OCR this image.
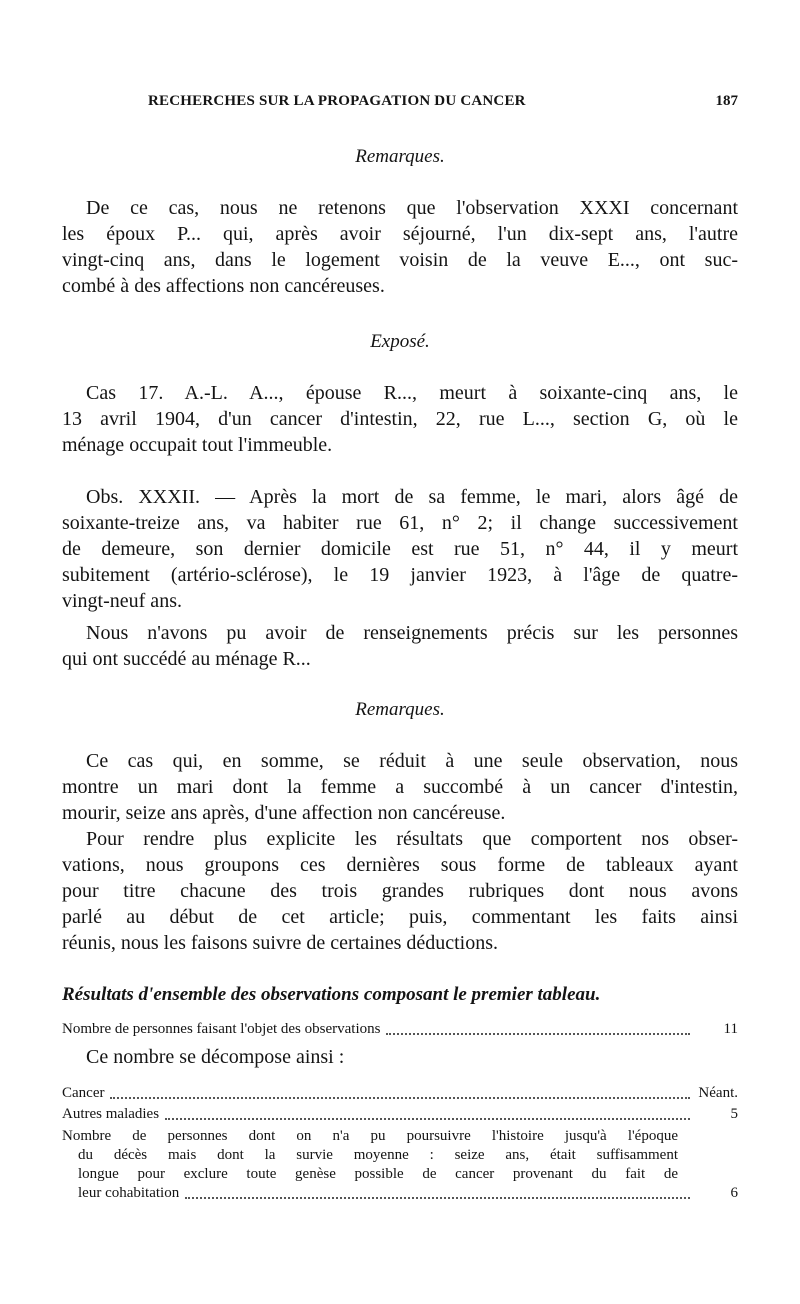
RECHERCHES SUR LA PROPAGATION DU CANCER	187
Remarques.
De ce cas, nous ne retenons que l'observation XXXI concernant
les époux P... qui, après avoir séjourné, l'un dix-sept ans, l'autre
vingt-cinq ans, dans le logement voisin de la veuve E..., ont suc-
combé à des affections non cancéreuses.
Exposé.
Cas 17. A.-L. A..., épouse R..., meurt à soixante-cinq ans, le
13 avril 1904, d'un cancer d'intestin, 22, rue L..., section G, où le
ménage occupait tout l'immeuble.
Obs. XXXII. — Après la mort de sa femme, le mari, alors âgé de
soixante-treize ans, va habiter rue 61, n° 2; il change successivement
de demeure, son dernier domicile est rue 51, n° 44, il y meurt
subitement (artério-sclérose), le 19 janvier 1923, à l'âge de quatre-
vingt-neuf ans.
Nous n'avons pu avoir de renseignements précis sur les personnes
qui ont succédé au ménage R...
Remarques.
Ce cas qui, en somme, se réduit à une seule observation, nous
montre un mari dont la femme a succombé à un cancer d'intestin,
mourir, seize ans après, d'une affection non cancéreuse.
Pour rendre plus explicite les résultats que comportent nos obser-
vations, nous groupons ces dernières sous forme de tableaux ayant
pour titre chacune des trois grandes rubriques dont nous avons
parlé au début de cet article; puis, commentant les faits ainsi
réunis, nous les faisons suivre de certaines déductions.
Résultats d'ensemble des observations composant le premier tableau.
Nombre de personnes faisant l'objet des observations	11
Ce nombre se décompose ainsi :
Cancer	Néant.
Autres maladies	5
Nombre de personnes dont on n'a pu poursuivre l'histoire jusqu'à l'époque
du décès mais dont la survie moyenne : seize ans, était suffisamment
longue pour exclure toute genèse possible de cancer provenant du fait de
leur cohabitation	6
